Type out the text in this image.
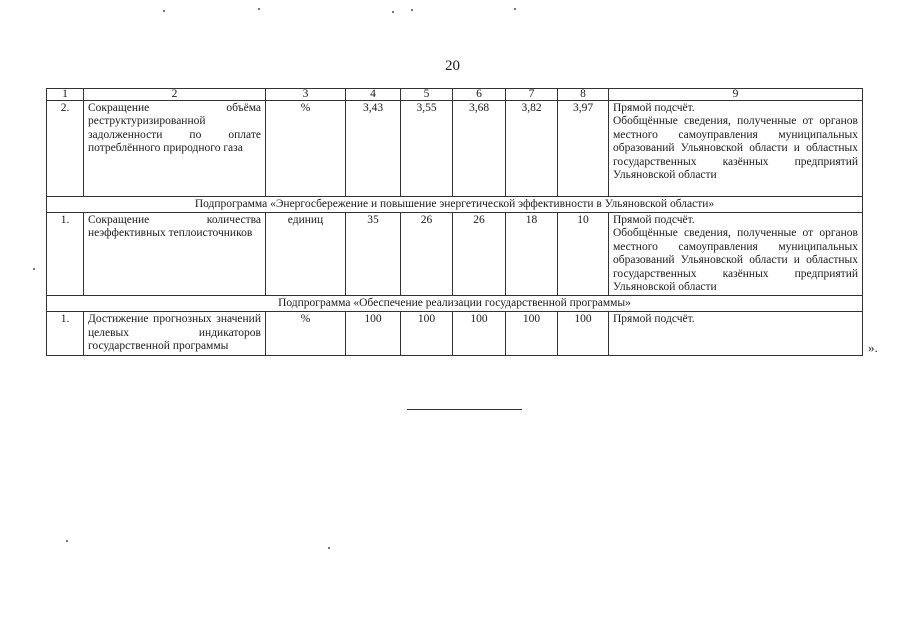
20
1	2	3	4	5	6	7	8	9
2.	Сокращение объёма реструктуризированной задолженности по оплате потреблённого природного газа	%	3,43	3,55	3,68	3,82	3,97	Прямой подсчёт.
Обобщённые сведения, полученные от органов местного самоуправления муниципальных образований Ульяновской области и областных государственных казённых предприятий Ульяновской области

Подпрограмма «Энергосбережение и повышение энергетической эффективности в Ульяновской области»								
1.	Сокращение количества неэффективных теплоисточников	единиц	35	26	26	18	10	Прямой подсчёт.
Обобщённые сведения, полученные от органов местного самоуправления муниципальных образований Ульяновской области и областных государственных казённых предприятий Ульяновской области

Подпрограмма «Обеспечение реализации государственной программы»								
1.	Достижение прогнозных значений целевых индикаторов государственной программы	%	100	100	100	100	100	Прямой подсчёт.
».
